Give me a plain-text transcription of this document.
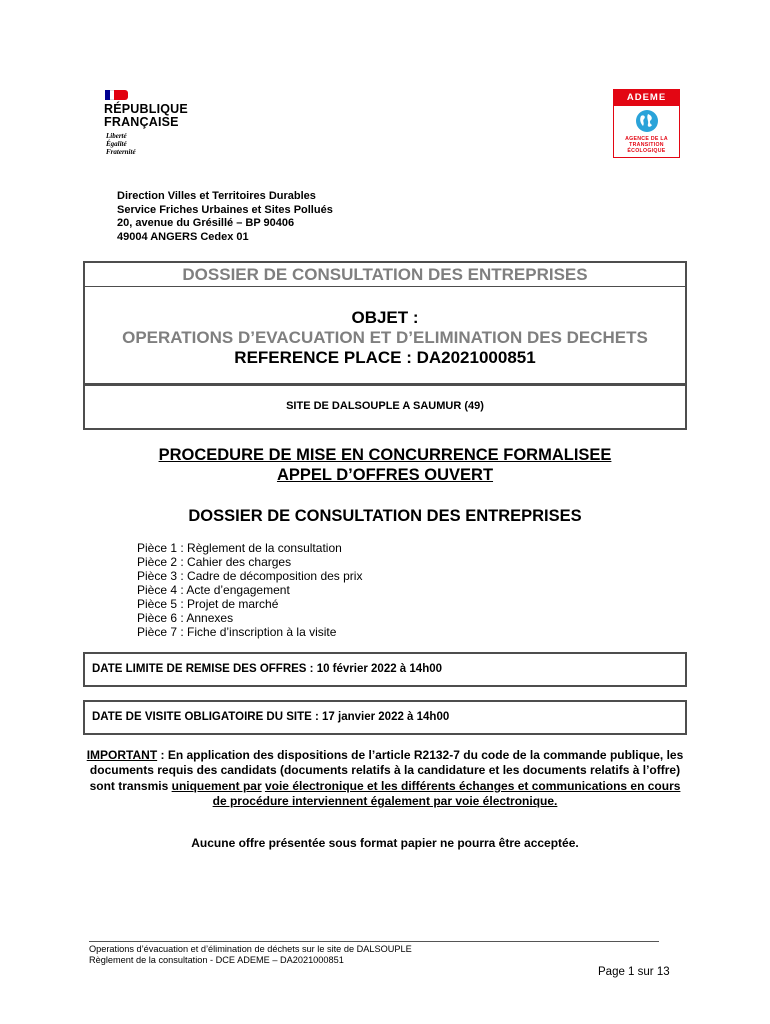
RÉPUBLIQUE
FRANÇAISE
Liberté
Égalité
Fraternité
ADEME
AGENCE DE LA
TRANSITION
ÉCOLOGIQUE
Direction Villes et Territoires Durables
Service Friches Urbaines et Sites Pollués
20, avenue du Grésillé – BP 90406
49004 ANGERS Cedex 01
DOSSIER DE CONSULTATION DES ENTREPRISES
OBJET :
OPERATIONS D’EVACUATION ET D’ELIMINATION DES DECHETS
REFERENCE PLACE : DA2021000851
SITE DE DALSOUPLE A SAUMUR (49)
PROCEDURE DE MISE EN CONCURRENCE FORMALISEE
APPEL D’OFFRES OUVERT
DOSSIER DE CONSULTATION DES ENTREPRISES
Pièce 1 : Règlement de la consultation
Pièce 2 : Cahier des charges
Pièce 3 : Cadre de décomposition des prix
Pièce 4 : Acte d’engagement
Pièce 5 : Projet de marché
Pièce 6 : Annexes
Pièce 7 : Fiche d’inscription à la visite
DATE LIMITE DE REMISE DES OFFRES : 10 février 2022 à 14h00
DATE DE VISITE OBLIGATOIRE DU SITE : 17 janvier 2022 à 14h00
IMPORTANT : En application des dispositions de l’article R2132-7 du code de la commande publique, les documents requis des candidats (documents relatifs à la candidature et les documents relatifs à l’offre) sont transmis uniquement par voie électronique et les différents échanges et communications en cours de procédure interviennent également par voie électronique.
Aucune offre présentée sous format papier ne pourra être acceptée.
Operations d’évacuation et d’élimination de déchets sur le site de DALSOUPLE
Règlement de la consultation - DCE ADEME – DA2021000851
Page 1 sur 13
